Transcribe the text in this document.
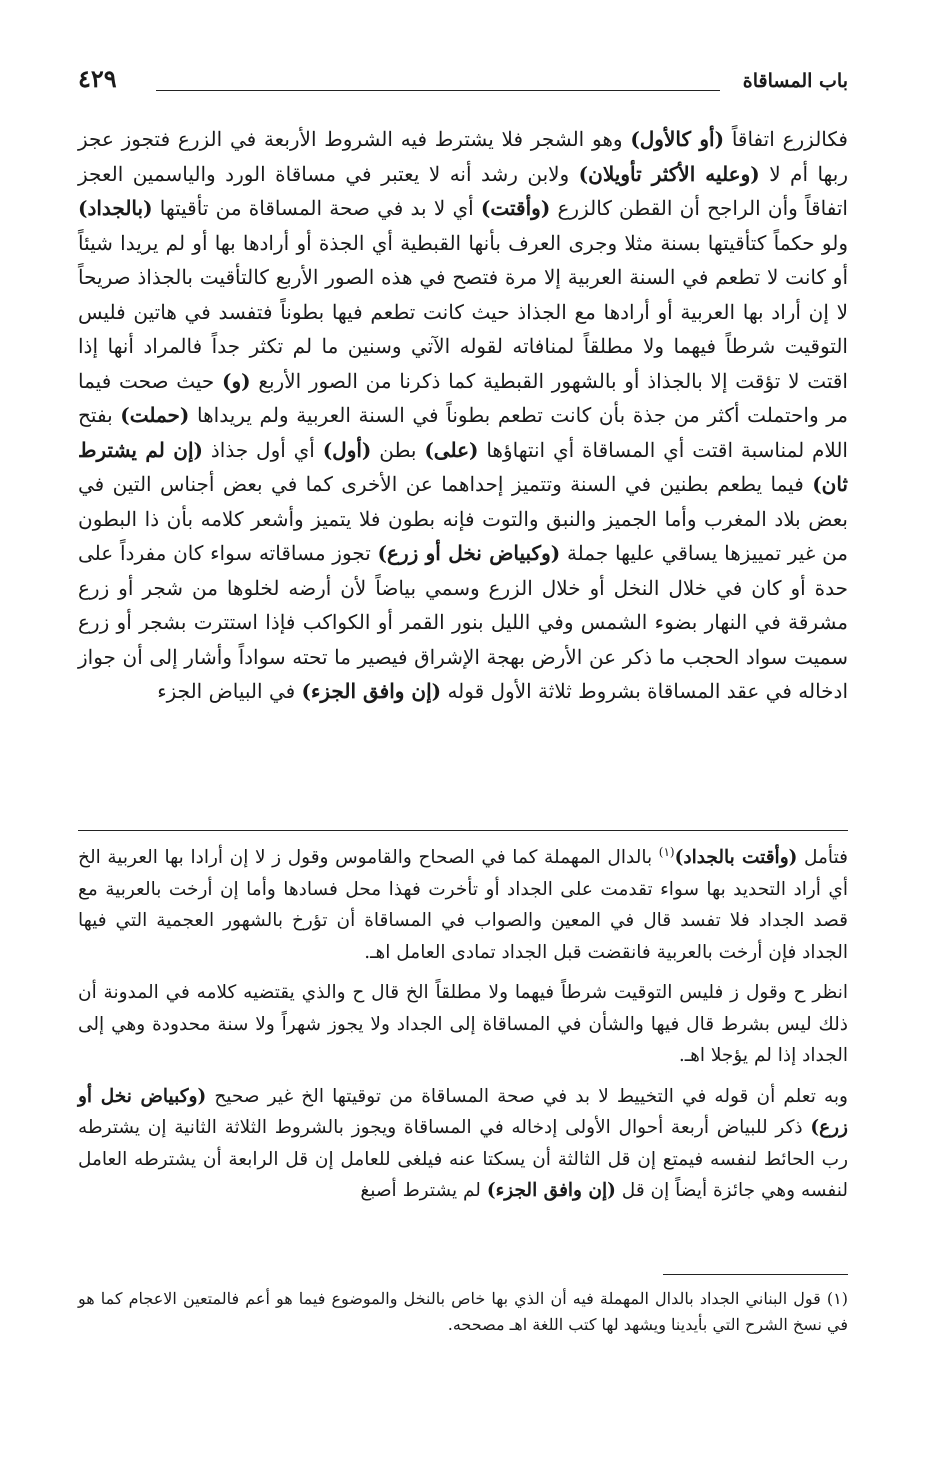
باب المساقاة
٤٢٩

فكالزرع اتفاقاً (أو كالأول) وهو الشجر فلا يشترط فيه الشروط الأربعة في الزرع فتجوز عجز ربها أم لا (وعليه الأكثر تأويلان) ولابن رشد أنه لا يعتبر في مساقاة الورد والياسمين العجز اتفاقاً وأن الراجح أن القطن كالزرع (وأقتت) أي لا بد في صحة المساقاة من تأقيتها (بالجداد) ولو حكماً كتأقيتها بسنة مثلا وجرى العرف بأنها القبطية أي الجذة أو أرادها بها أو لم يريدا شيئاً أو كانت لا تطعم في السنة العربية إلا مرة فتصح في هذه الصور الأربع كالتأقيت بالجذاذ صريحاً لا إن أراد بها العربية أو أرادها مع الجذاذ حيث كانت تطعم فيها بطوناً فتفسد في هاتين فليس التوقيت شرطاً فيهما ولا مطلقاً لمنافاته لقوله الآتي وسنين ما لم تكثر جداً فالمراد أنها إذا اقتت لا تؤقت إلا بالجذاذ أو بالشهور القبطية كما ذكرنا من الصور الأربع (و) حيث صحت فيما مر واحتملت أكثر من جذة بأن كانت تطعم بطوناً في السنة العربية ولم يريداها (حملت) بفتح اللام لمناسبة اقتت أي المساقاة أي انتهاؤها (على) بطن (أول) أي أول جذاذ (إن لم يشترط ثان) فيما يطعم بطنين في السنة وتتميز إحداهما عن الأخرى كما في بعض أجناس التين في بعض بلاد المغرب وأما الجميز والنبق والتوت فإنه بطون فلا يتميز وأشعر كلامه بأن ذا البطون من غير تمييزها يساقي عليها جملة (وكبياض نخل أو زرع) تجوز مساقاته سواء كان مفرداً على حدة أو كان في خلال النخل أو خلال الزرع وسمي بياضاً لأن أرضه لخلوها من شجر أو زرع مشرقة في النهار بضوء الشمس وفي الليل بنور القمر أو الكواكب فإذا استترت بشجر أو زرع سميت سواد الحجب ما ذكر عن الأرض بهجة الإشراق فيصير ما تحته سواداً وأشار إلى أن جواز ادخاله في عقد المساقاة بشروط ثلاثة الأول قوله (إن وافق الجزء) في البياض الجزء

فتأمل (وأقتت بالجداد)$^{(١)}$ بالدال المهملة كما في الصحاح والقاموس وقول ز لا إن أرادا بها العربية الخ أي أراد التحديد بها سواء تقدمت على الجداد أو تأخرت فهذا محل فسادها وأما إن أرخت بالعربية مع قصد الجداد فلا تفسد قال في المعين والصواب في المساقاة أن تؤرخ بالشهور العجمية التي فيها الجداد فإن أرخت بالعربية فانقضت قبل الجداد تمادى العامل اهـ.

انظر ح وقول ز فليس التوقيت شرطاً فيهما ولا مطلقاً الخ قال ح والذي يقتضيه كلامه في المدونة أن ذلك ليس بشرط قال فيها والشأن في المساقاة إلى الجداد ولا يجوز شهراً ولا سنة محدودة وهي إلى الجداد إذا لم يؤجلا اهـ.

وبه تعلم أن قوله في التخييط لا بد في صحة المساقاة من توقيتها الخ غير صحيح (وكبياض نخل أو زرع) ذكر للبياض أربعة أحوال الأولى إدخاله في المساقاة ويجوز بالشروط الثلاثة الثانية إن يشترطه رب الحائط لنفسه فيمتع إن قل الثالثة أن يسكتا عنه فيلغى للعامل إن قل الرابعة أن يشترطه العامل لنفسه وهي جائزة أيضاً إن قل (إن وافق الجزء) لم يشترط أصبغ

(١) قول البناني الجداد بالدال المهملة فيه أن الذي بها خاص بالنخل والموضوع فيما هو أعم فالمتعين الاعجام كما هو في نسخ الشرح التي بأيدينا ويشهد لها كتب اللغة اهـ مصححه.
